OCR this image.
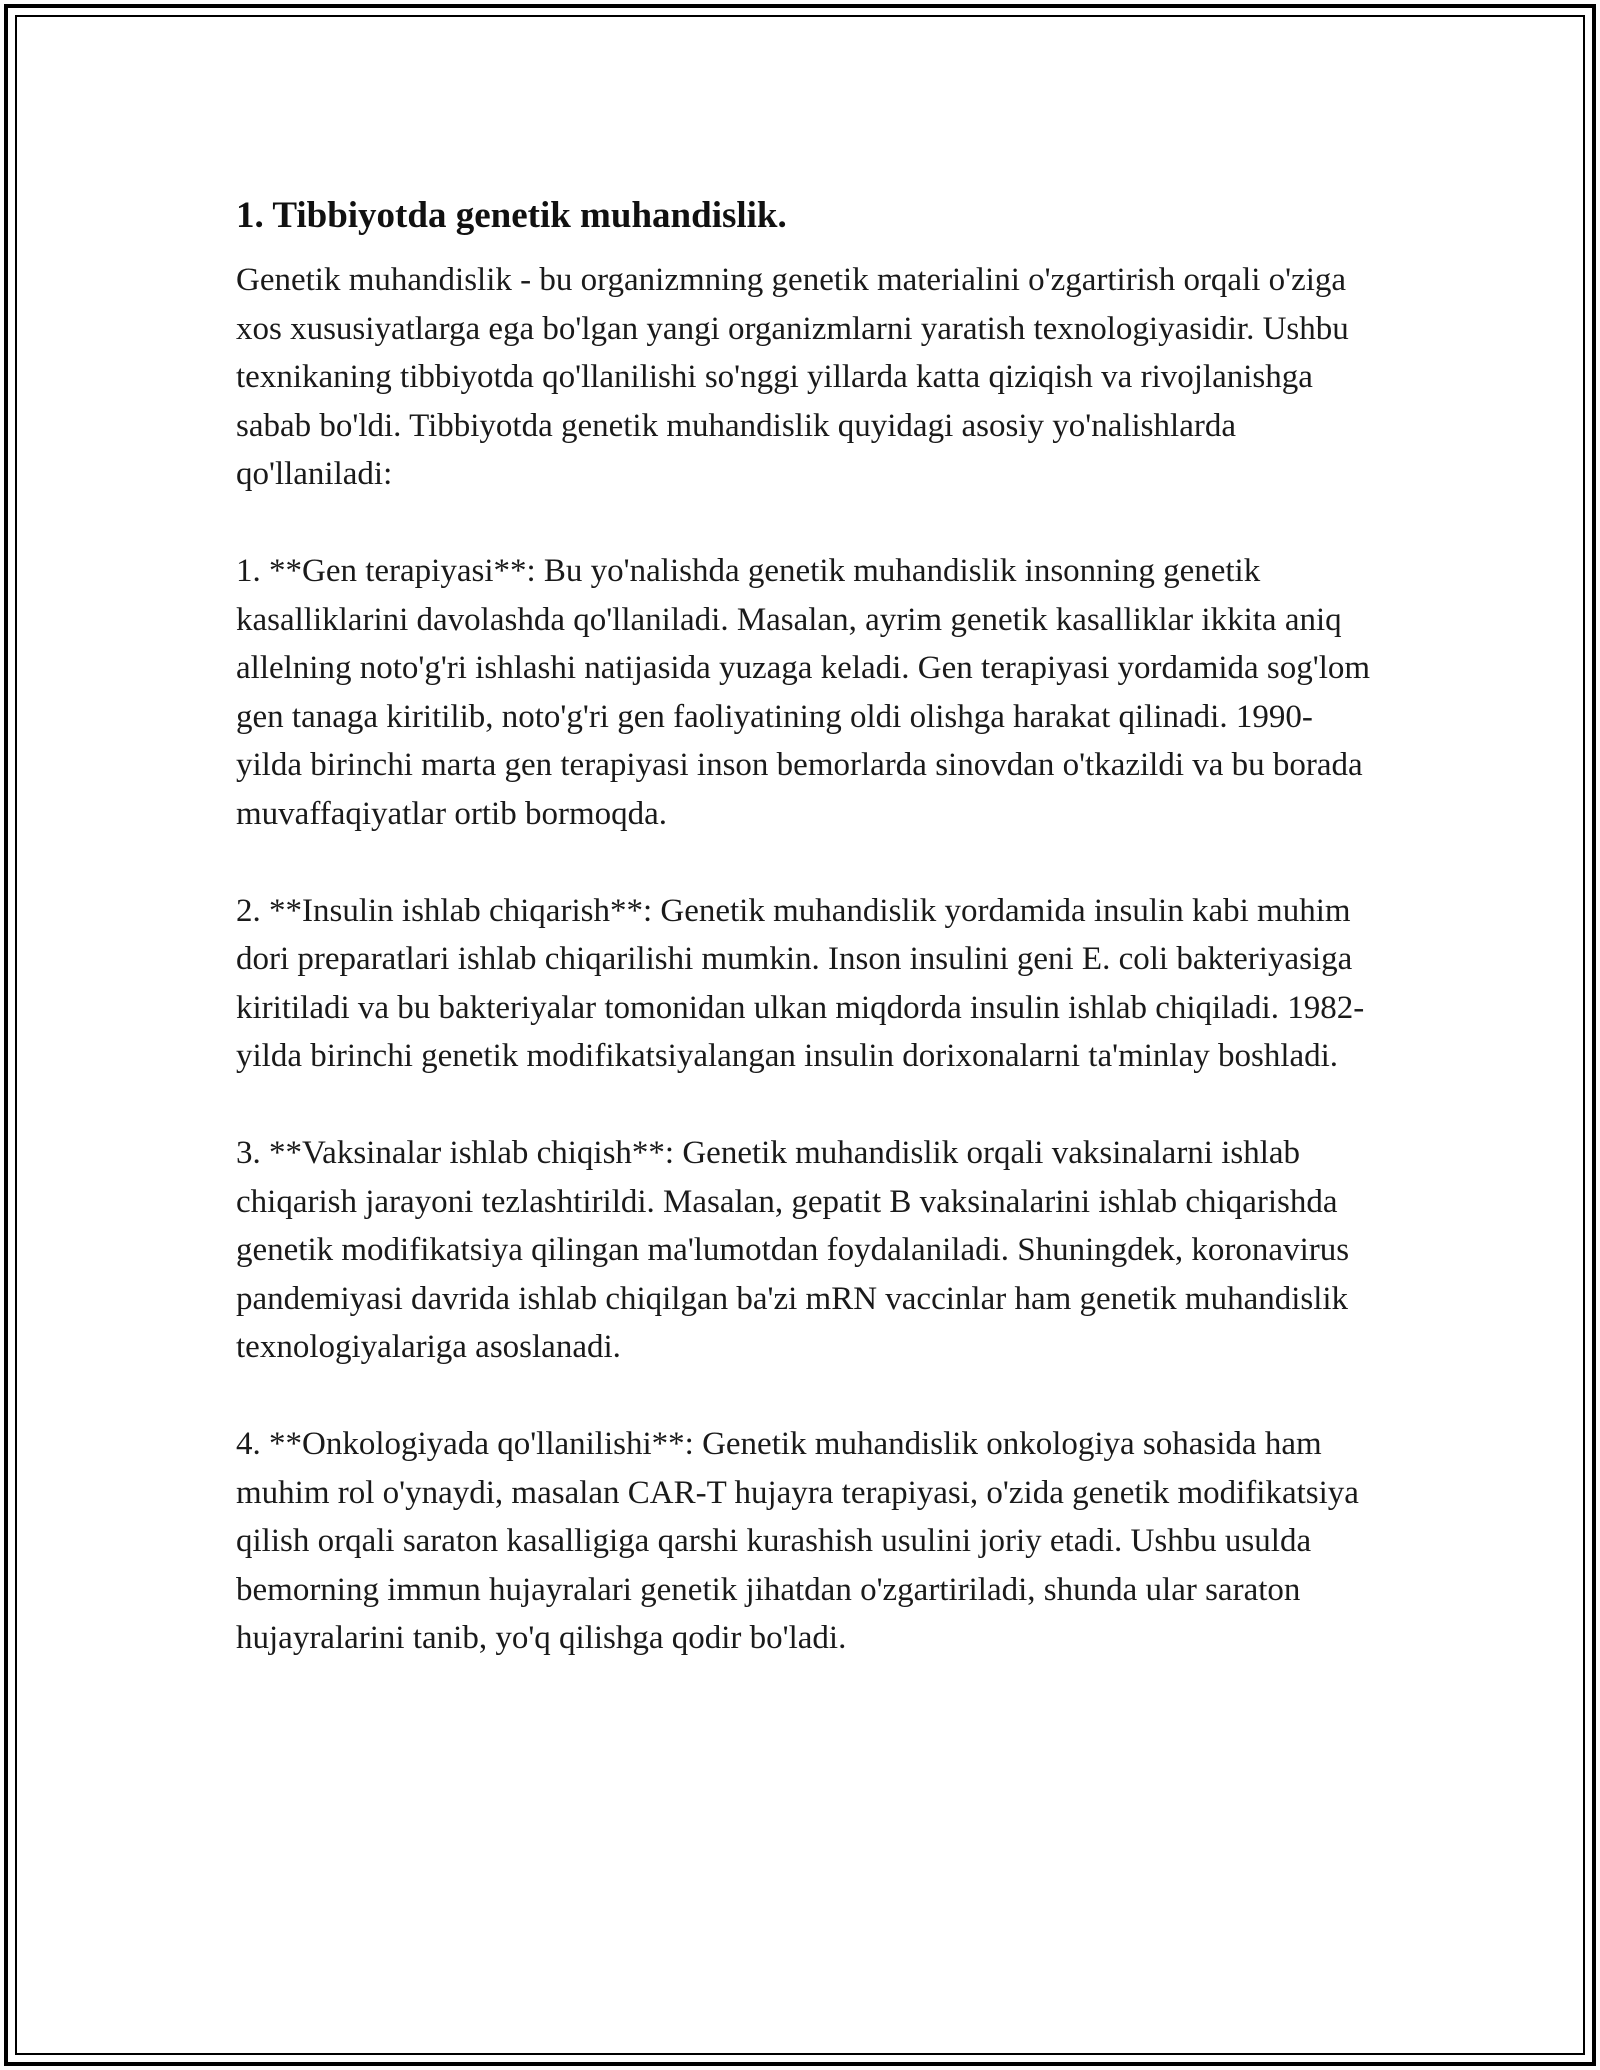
1. Tibbiyotda genetik muhandislik.

Genetik muhandislik - bu organizmning genetik materialini o'zgartirish orqali o'ziga xos xususiyatlarga ega bo'lgan yangi organizmlarni yaratish texnologiyasidir. Ushbu texnikaning tibbiyotda qo'llanilishi so'nggi yillarda katta qiziqish va rivojlanishga sabab bo'ldi. Tibbiyotda genetik muhandislik quyidagi asosiy yo'nalishlarda qo'llaniladi:

1. **Gen terapiyasi**: Bu yo'nalishda genetik muhandislik insonning genetik kasalliklarini davolashda qo'llaniladi. Masalan, ayrim genetik kasalliklar ikkita aniq allelning noto'g'ri ishlashi natijasida yuzaga keladi. Gen terapiyasi yordamida sog'lom gen tanaga kiritilib, noto'g'ri gen faoliyatining oldi olishga harakat qilinadi. 1990-yilda birinchi marta gen terapiyasi inson bemorlarda sinovdan o'tkazildi va bu borada muvaffaqiyatlar ortib bormoqda.

2. **Insulin ishlab chiqarish**: Genetik muhandislik yordamida insulin kabi muhim dori preparatlari ishlab chiqarilishi mumkin. Inson insulini geni E. coli bakteriyasiga kiritiladi va bu bakteriyalar tomonidan ulkan miqdorda insulin ishlab chiqiladi. 1982-yilda birinchi genetik modifikatsiyalangan insulin dorixonalarni ta'minlay boshladi.

3. **Vaksinalar ishlab chiqish**: Genetik muhandislik orqali vaksinalarni ishlab chiqarish jarayoni tezlashtirildi. Masalan, gepatit B vaksinalarini ishlab chiqarishda genetik modifikatsiya qilingan ma'lumotdan foydalaniladi. Shuningdek, koronavirus pandemiyasi davrida ishlab chiqilgan ba'zi mRN vaccinlar ham genetik muhandislik texnologiyalariga asoslanadi.

4. **Onkologiyada qo'llanilishi**: Genetik muhandislik onkologiya sohasida ham muhim rol o'ynaydi, masalan CAR-T hujayra terapiyasi, o'zida genetik modifikatsiya qilish orqali saraton kasalligiga qarshi kurashish usulini joriy etadi. Ushbu usulda bemorning immun hujayralari genetik jihatdan o'zgartiriladi, shunda ular saraton hujayralarini tanib, yo'q qilishga qodir bo'ladi.
